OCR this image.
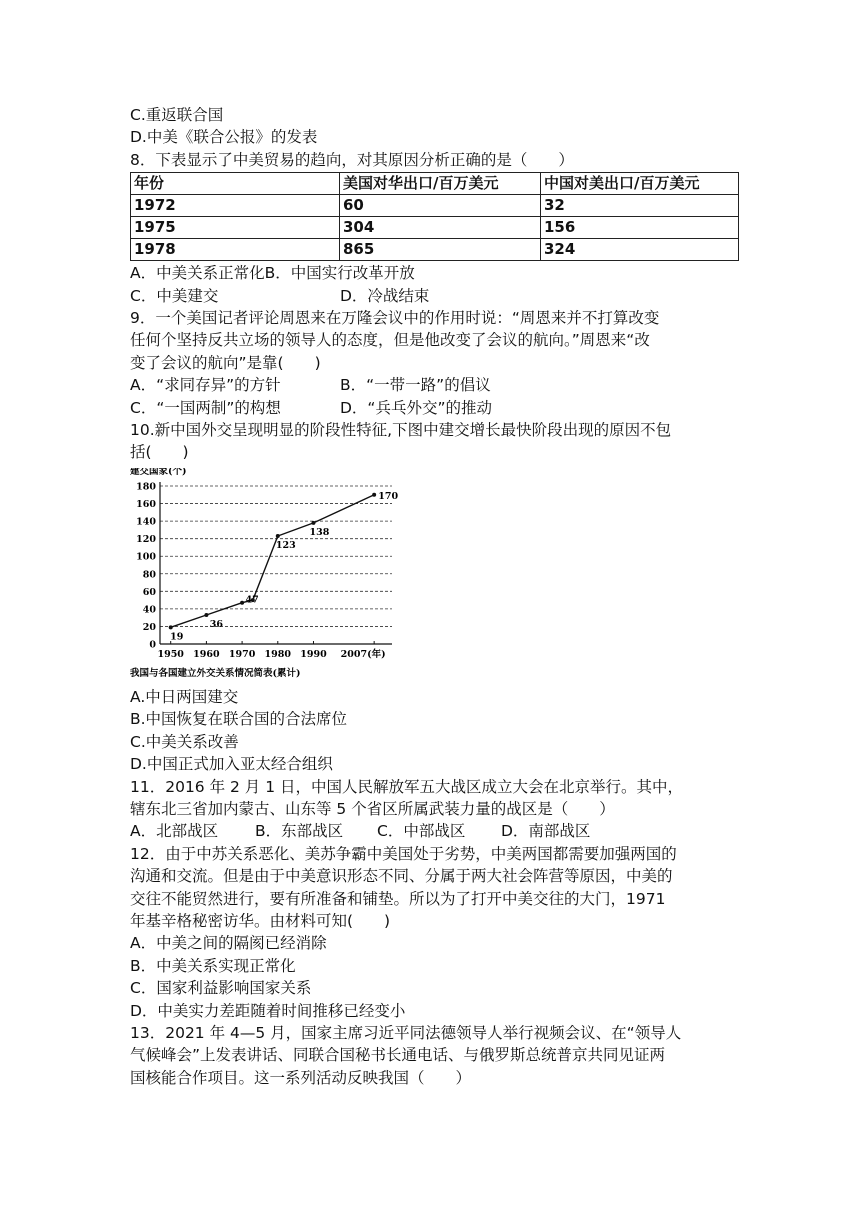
C.重返联合国
D.中美《联合公报》的发表
8．下表显示了中美贸易的趋向，对其原因分析正确的是（　　）
年份	美国对华出口/百万美元	中国对美出口/百万美元
1972	60	32
1975	304	156
1978	865	324
A．中美关系正常化 B．中国实行改革开放
C．中美建交	D．冷战结束
9．一个美国记者评论周恩来在万隆会议中的作用时说：“周恩来并不打算改变
任何个坚持反共立场的领导人的态度，但是他改变了会议的航向。”周恩来“改
变了会议的航向”是靠(　　)
A．“求同存异”的方针	B．“一带一路”的倡议
C．“一国两制”的构想	D．“兵乓外交”的推动
10.新中国外交呈现明显的阶段性特征,下图中建交增长最快阶段出现的原因不包
括(　　)
建交国家(个)
0
20
40
60
80
100
120
140
160
180
1950 1960 1970 1980 1990 2007(年)
19
36
47
123
138
170
我国与各国建立外交关系情况简表(累计)
A.中日两国建交
B.中国恢复在联合国的合法席位
C.中美关系改善
D.中国正式加入亚太经合组织
11．2016 年 2 月 1 日，中国人民解放军五大战区成立大会在北京举行。其中，
辖东北三省加内蒙古、山东等 5 个省区所属武装力量的战区是（　　）
A．北部战区	B．东部战区	C．中部战区	D．南部战区
12．由于中苏关系恶化、美苏争霸中美国处于劣势，中美两国都需要加强两国的
沟通和交流。但是由于中美意识形态不同、分属于两大社会阵营等原因，中美的
交往不能贸然进行，要有所准备和铺垫。所以为了打开中美交往的大门，1971
年基辛格秘密访华。由材料可知(　　)
A．中美之间的隔阂已经消除
B．中美关系实现正常化
C．国家利益影响国家关系
D．中美实力差距随着时间推移已经变小
13．2021 年 4—5 月，国家主席习近平同法德领导人举行视频会议、在“领导人
气候峰会”上发表讲话、同联合国秘书长通电话、与俄罗斯总统普京共同见证两
国核能合作项目。这一系列活动反映我国（　　）
